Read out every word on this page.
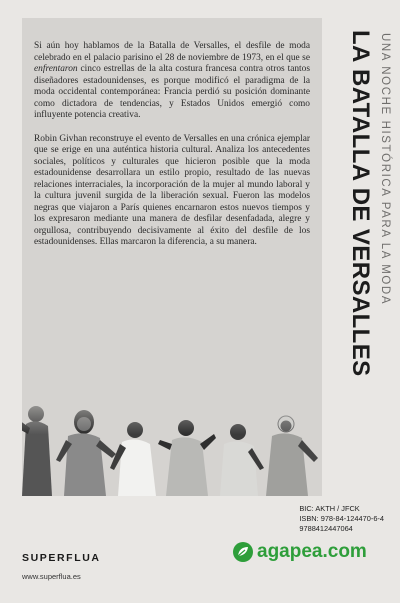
Si aún hoy hablamos de la Batalla de Versalles, el desfile de moda celebrado en el palacio parisino el 28 de noviembre de 1973, en el que se enfrentaron cinco estrellas de la alta costura francesa contra otros tantos diseñadores estadounidenses, es porque modificó el paradigma de la moda occidental contemporánea: Francia perdió su posición dominante como dictadora de tendencias, y Estados Unidos emergió como influyente potencia creativa.

Robin Givhan reconstruye el evento de Versalles en una crónica ejemplar que se erige en una auténtica historia cultural. Analiza los antecedentes sociales, políticos y culturales que hicieron posible que la moda estadounidense desarrollara un estilo propio, resultado de las nuevas relaciones interraciales, la incorporación de la mujer al mundo laboral y la cultura juvenil surgida de la liberación sexual. Fueron las modelos negras que viajaron a París quienes encarnaron estos nuevos tiempos y los expresaron mediante una manera de desfilar desenfadada, alegre y orgullosa, contribuyendo decisivamente al éxito del desfile de los estadounidenses. Ellas marcaron la diferencia, a su manera.	LA BATALLA DE VERSALLES UNA NOCHE HISTÓRICA PARA LA MODA
BIC: AKTH / JFCK
ISBN: 978-84-124470-6-4
9788412447064
SUPERFLUA
www.superflua.es
agapea.com
